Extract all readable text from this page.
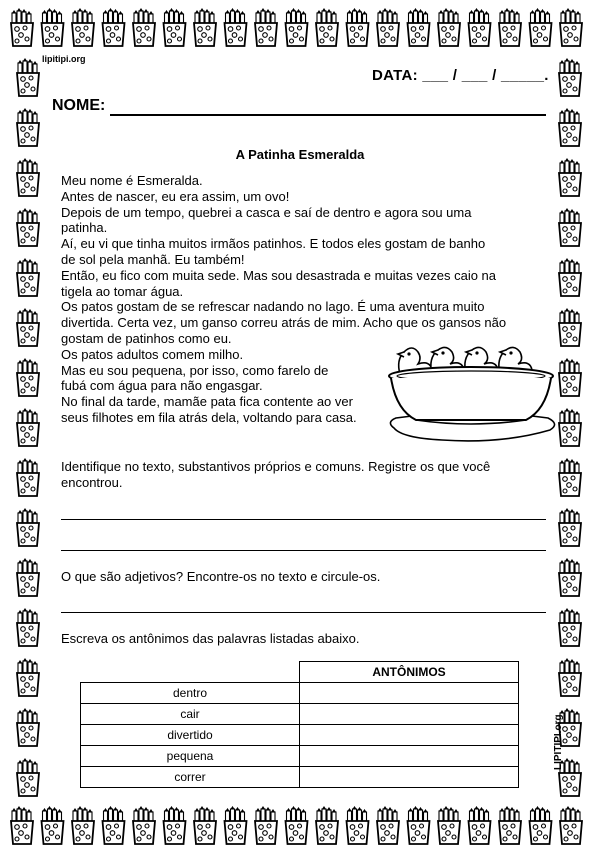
lipitipi.org
LIPITIPI.org
DATA: ___ / ___ / _____.
NOME:
A Patinha Esmeralda
Meu nome é Esmeralda.
Antes de nascer, eu era assim, um ovo!
Depois de um tempo, quebrei a casca e saí de dentro e agora sou uma
patinha.
Aí, eu vi que tinha muitos irmãos patinhos. E todos eles gostam de banho
de sol pela manhã. Eu também!
Então, eu fico com muita sede. Mas sou desastrada e muitas vezes caio na
tigela ao tomar água.
Os patos gostam de se refrescar nadando no lago. É uma aventura muito
divertida. Certa vez, um ganso correu atrás de mim. Acho que os gansos não
gostam de patinhos como eu.
Os patos adultos comem milho.
Mas eu sou pequena, por isso, como farelo de
fubá com água para não engasgar.
No final da tarde, mamãe pata fica contente ao ver
seus filhotes em fila atrás dela, voltando para casa.
Identifique no texto, substantivos próprios e comuns. Registre os que você
encontrou.
O que são adjetivos? Encontre-os no texto e circule-os.
Escreva os antônimos das palavras listadas abaixo.
	ANTÔNIMOS
dentro	
cair	
divertido	
pequena	
correr	
